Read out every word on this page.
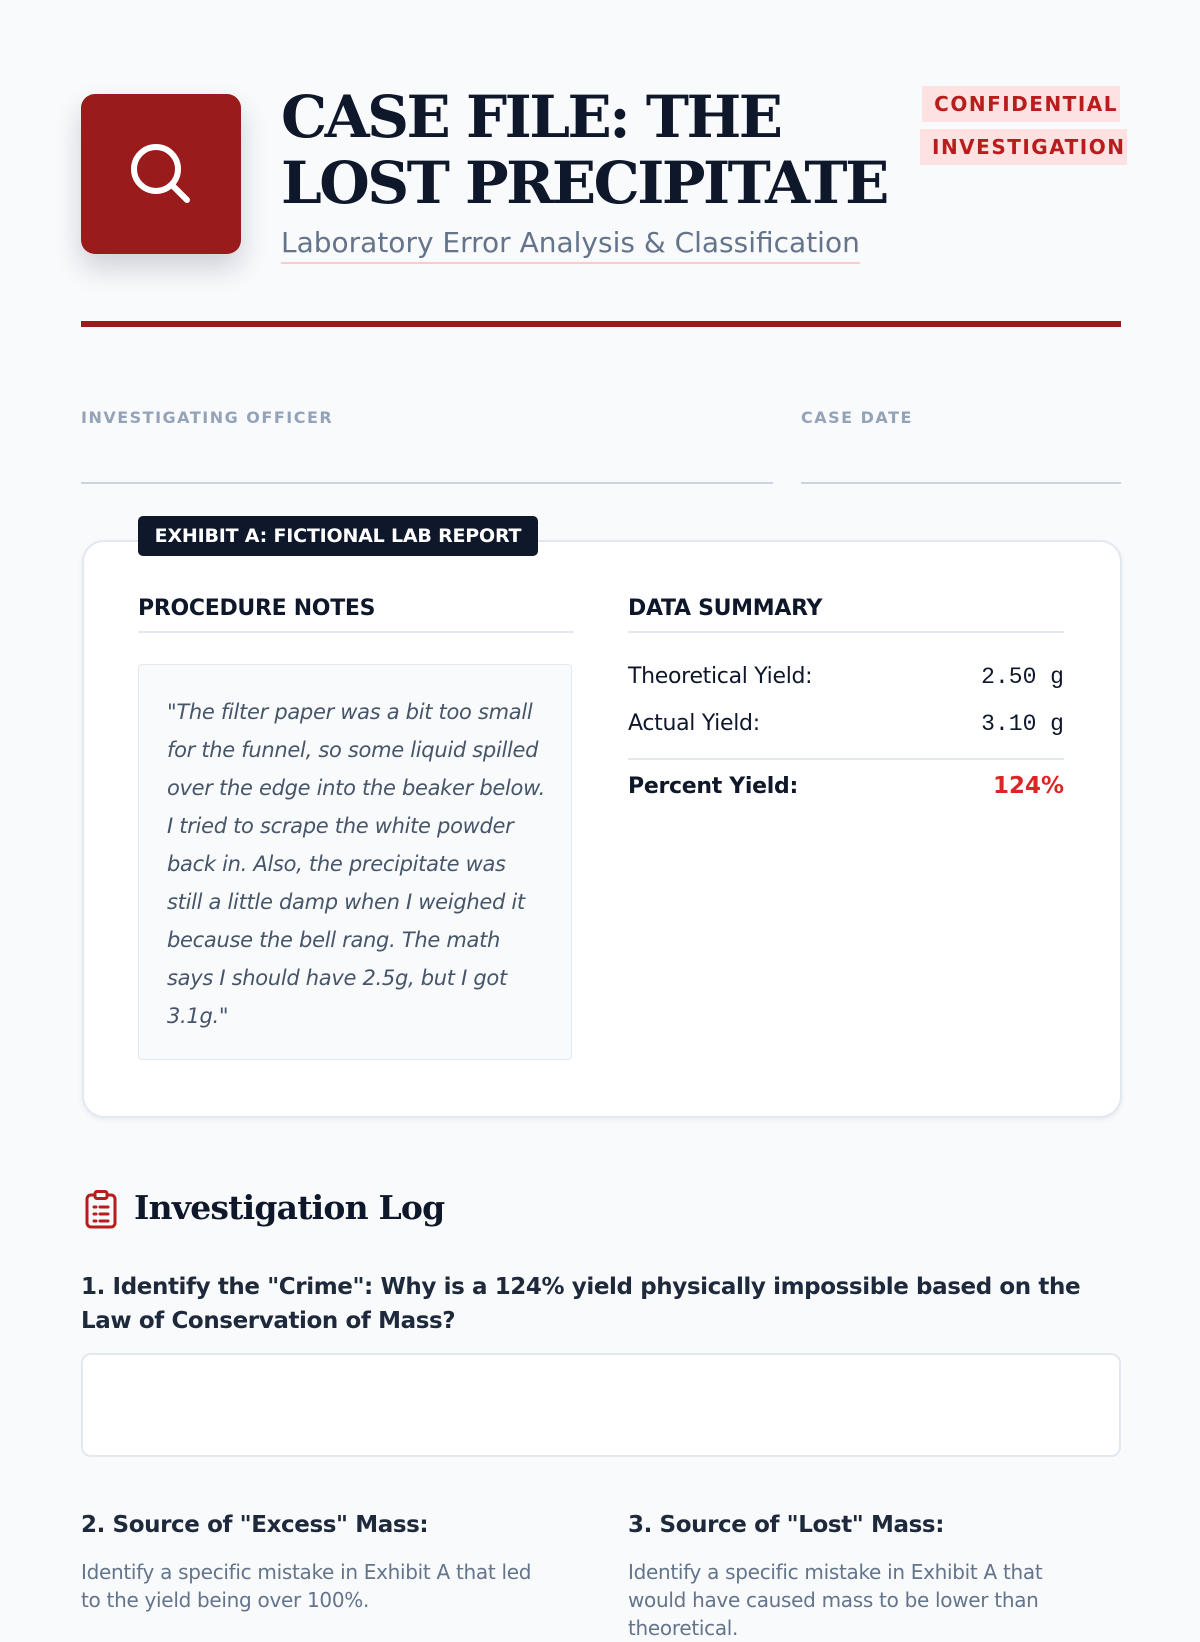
CASE FILE: THE LOST PRECIPITATE
Laboratory Error Analysis & Classification
CONFIDENTIAL
INVESTIGATION
INVESTIGATING OFFICER	CASE DATE
EXHIBIT A: FICTIONAL LAB REPORT
PROCEDURE NOTES
"The filter paper was a bit too small for the funnel, so some liquid spilled over the edge into the beaker below. I tried to scrape the white powder back in. Also, the precipitate was still a little damp when I weighed it because the bell rang. The math says I should have 2.5g, but I got 3.1g."
DATA SUMMARY
Theoretical Yield:	2.50 g
Actual Yield:	3.10 g
Percent Yield:	124%
Investigation Log
1. Identify the "Crime": Why is a 124% yield physically impossible based on the Law of Conservation of Mass?
2. Source of "Excess" Mass:
Identify a specific mistake in Exhibit A that led to the yield being over 100%.
3. Source of "Lost" Mass:
Identify a specific mistake in Exhibit A that would have caused mass to be lower than theoretical.
